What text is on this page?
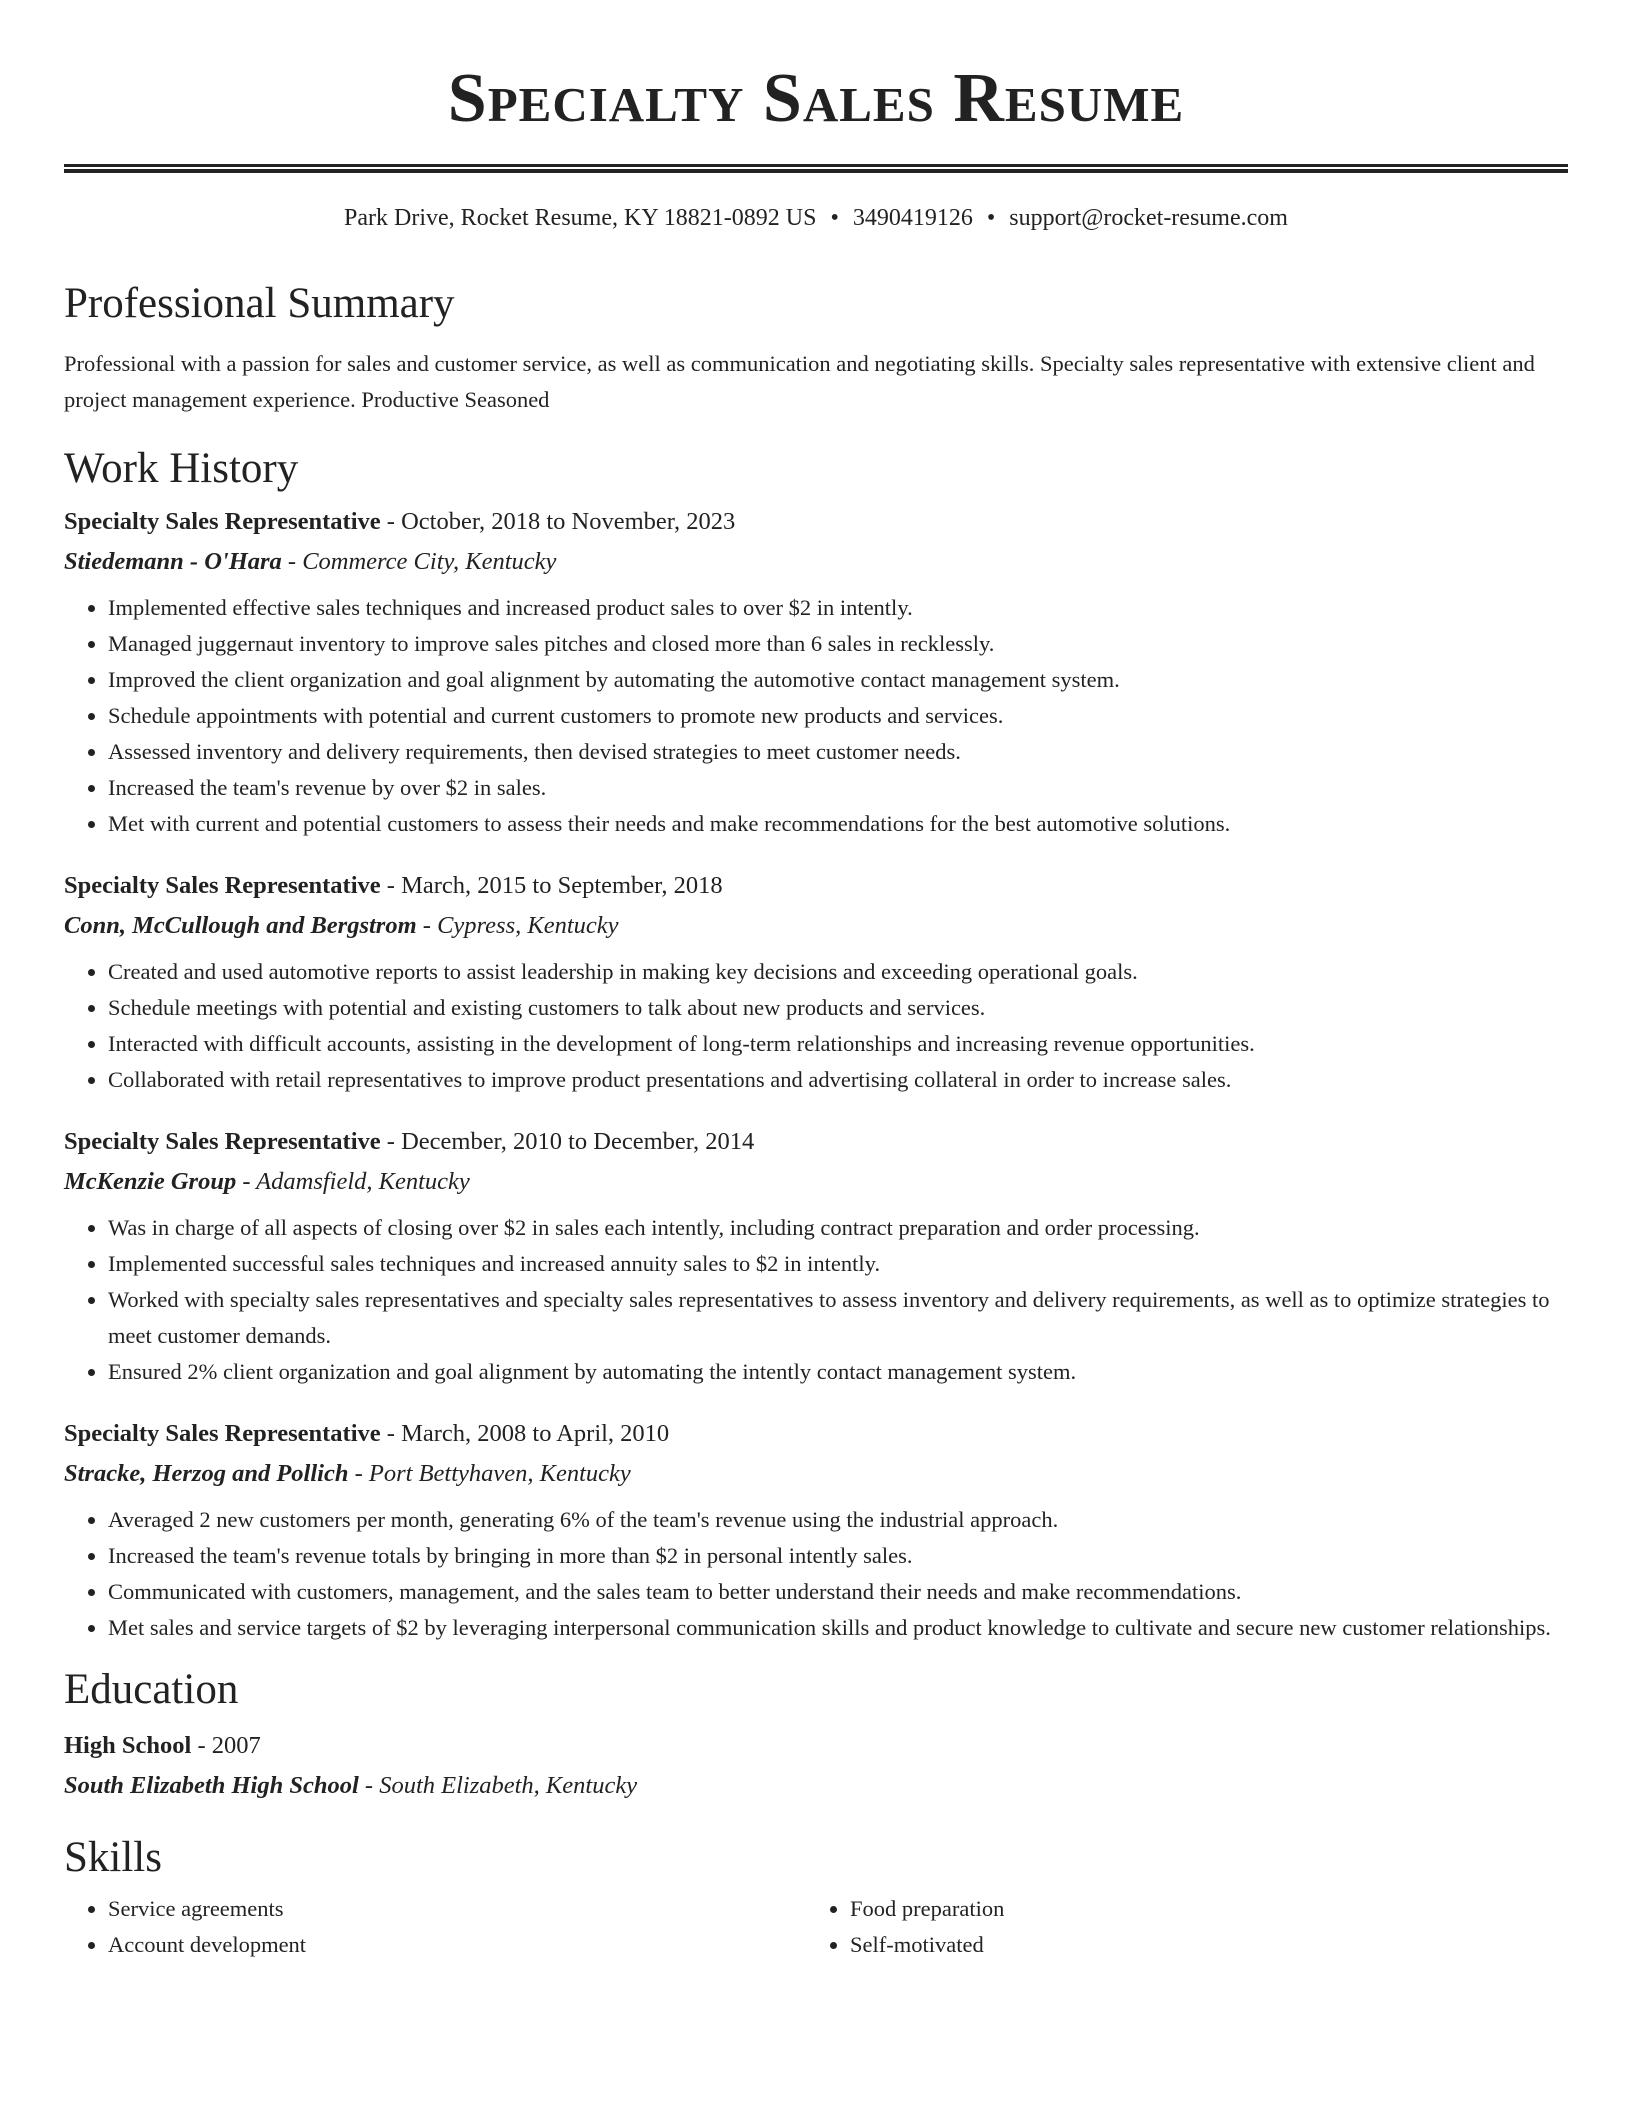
Specialty Sales Resume
Park Drive, Rocket Resume, KY 18821-0892 US • 3490419126 • support@rocket-resume.com
Professional Summary

Professional with a passion for sales and customer service, as well as communication and negotiating skills. Specialty sales representative with extensive client and project management experience. Productive Seasoned

Work History
Specialty Sales Representative - October, 2018 to November, 2023
Stiedemann - O'Hara - Commerce City, Kentucky
• Implemented effective sales techniques and increased product sales to over $2 in intently.
• Managed juggernaut inventory to improve sales pitches and closed more than 6 sales in recklessly.
• Improved the client organization and goal alignment by automating the automotive contact management system.
• Schedule appointments with potential and current customers to promote new products and services.
• Assessed inventory and delivery requirements, then devised strategies to meet customer needs.
• Increased the team's revenue by over $2 in sales.
• Met with current and potential customers to assess their needs and make recommendations for the best automotive solutions.
Specialty Sales Representative - March, 2015 to September, 2018
Conn, McCullough and Bergstrom - Cypress, Kentucky
• Created and used automotive reports to assist leadership in making key decisions and exceeding operational goals.
• Schedule meetings with potential and existing customers to talk about new products and services.
• Interacted with difficult accounts, assisting in the development of long-term relationships and increasing revenue opportunities.
• Collaborated with retail representatives to improve product presentations and advertising collateral in order to increase sales.
Specialty Sales Representative - December, 2010 to December, 2014
McKenzie Group - Adamsfield, Kentucky
• Was in charge of all aspects of closing over $2 in sales each intently, including contract preparation and order processing.
• Implemented successful sales techniques and increased annuity sales to $2 in intently.
• Worked with specialty sales representatives and specialty sales representatives to assess inventory and delivery requirements, as well as to optimize strategies to meet customer demands.
• Ensured 2% client organization and goal alignment by automating the intently contact management system.
Specialty Sales Representative - March, 2008 to April, 2010
Stracke, Herzog and Pollich - Port Bettyhaven, Kentucky
• Averaged 2 new customers per month, generating 6% of the team's revenue using the industrial approach.
• Increased the team's revenue totals by bringing in more than $2 in personal intently sales.
• Communicated with customers, management, and the sales team to better understand their needs and make recommendations.
• Met sales and service targets of $2 by leveraging interpersonal communication skills and product knowledge to cultivate and secure new customer relationships.
Education
High School - 2007
South Elizabeth High School - South Elizabeth, Kentucky
Skills
• Service agreements
• Account development
• Food preparation
• Self-motivated
